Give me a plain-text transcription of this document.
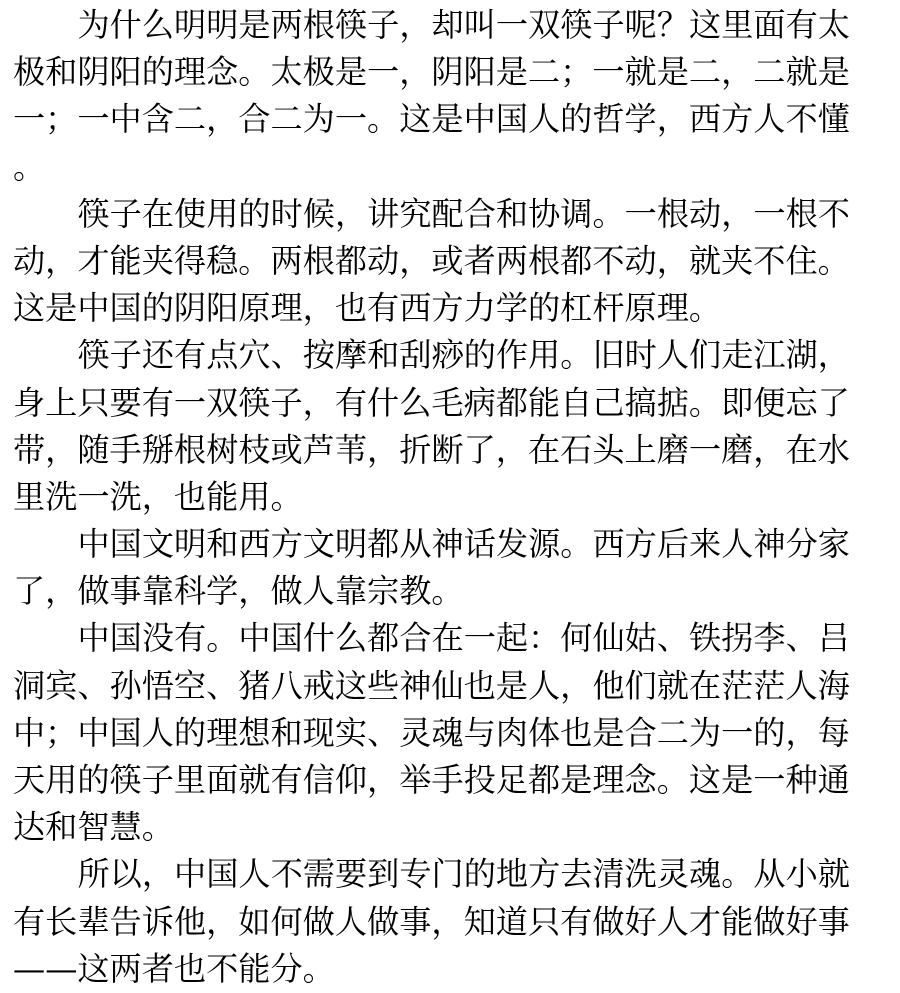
为什么明明是两根筷子，却叫一双筷子呢？这里面有太
极和阴阳的理念。太极是一，阴阳是二；一就是二，二就是
一；一中含二，合二为一。这是中国人的哲学，西方人不懂
。
筷子在使用的时候，讲究配合和协调。一根动，一根不
动，才能夹得稳。两根都动，或者两根都不动，就夹不住。
这是中国的阴阳原理，也有西方力学的杠杆原理。
筷子还有点穴、按摩和刮痧的作用。旧时人们走江湖，
身上只要有一双筷子，有什么毛病都能自己搞掂。即便忘了
带，随手掰根树枝或芦苇，折断了，在石头上磨一磨，在水
里洗一洗，也能用。
中国文明和西方文明都从神话发源。西方后来人神分家
了，做事靠科学，做人靠宗教。
中国没有。中国什么都合在一起：何仙姑、铁拐李、吕
洞宾、孙悟空、猪八戒这些神仙也是人，他们就在茫茫人海
中；中国人的理想和现实、灵魂与肉体也是合二为一的，每
天用的筷子里面就有信仰，举手投足都是理念。这是一种通
达和智慧。
所以，中国人不需要到专门的地方去清洗灵魂。从小就
有长辈告诉他，如何做人做事，知道只有做好人才能做好事
——这两者也不能分。
